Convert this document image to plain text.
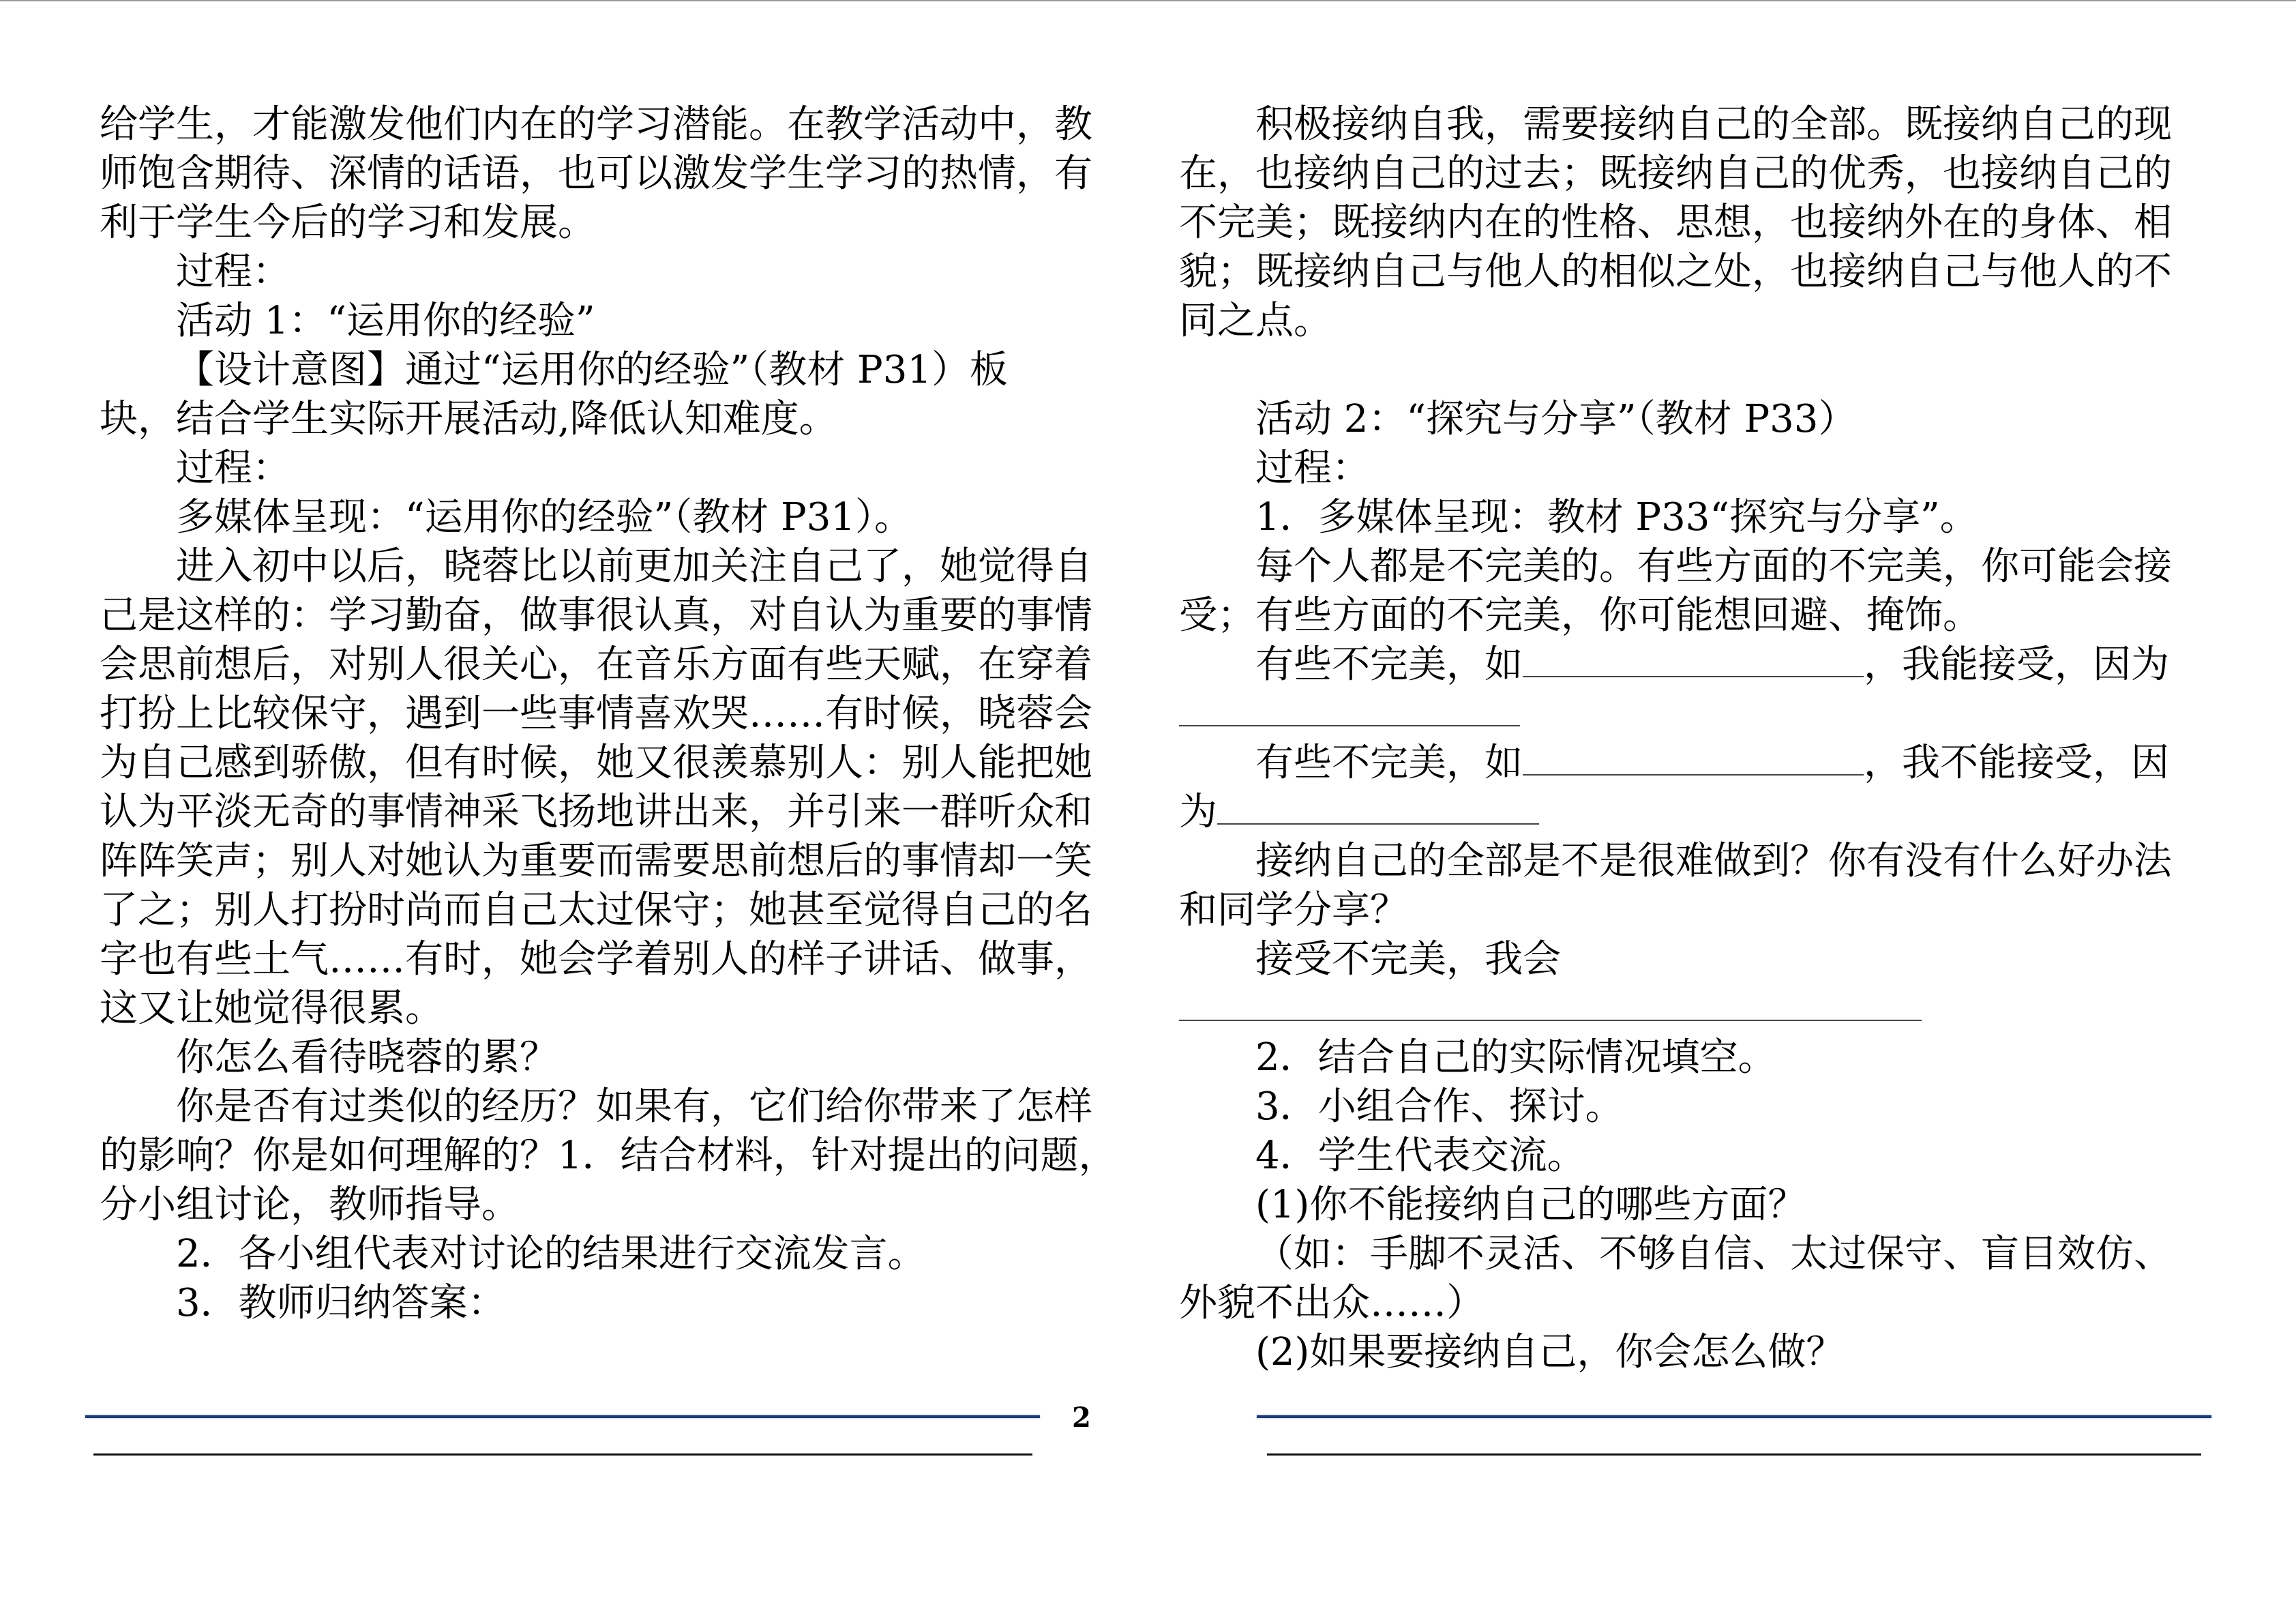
给学生，才能激发他们内在的学习潜能。在教学活动中，教
师饱含期待、深情的话语，也可以激发学生学习的热情，有
利于学生今后的学习和发展。
过程：
活动 1：“运用你的经验”
【设计意图】通过“运用你的经验”（教材 P31）板
块，结合学生实际开展活动,降低认知难度。
过程：
多媒体呈现：“运用你的经验”（教材 P31）。
进入初中以后，晓蓉比以前更加关注自己了，她觉得自
己是这样的：学习勤奋，做事很认真，对自认为重要的事情
会思前想后，对别人很关心，在音乐方面有些天赋，在穿着
打扮上比较保守，遇到一些事情喜欢哭……有时候，晓蓉会
为自己感到骄傲，但有时候，她又很羡慕别人：别人能把她
认为平淡无奇的事情神采飞扬地讲出来，并引来一群听众和
阵阵笑声；别人对她认为重要而需要思前想后的事情却一笑
了之；别人打扮时尚而自己太过保守；她甚至觉得自己的名
字也有些土气……有时，她会学着别人的样子讲话、做事，
这又让她觉得很累。
你怎么看待晓蓉的累？
你是否有过类似的经历？如果有，它们给你带来了怎样
的影响？你是如何理解的？1．结合材料，针对提出的问题，
分小组讨论，教师指导。
2．各小组代表对讨论的结果进行交流发言。
3．教师归纳答案：
积极接纳自我，需要接纳自己的全部。既接纳自己的现
在，也接纳自己的过去；既接纳自己的优秀，也接纳自己的
不完美；既接纳内在的性格、思想，也接纳外在的身体、相
貌；既接纳自己与他人的相似之处，也接纳自己与他人的不
同之点。
活动 2：“探究与分享”（教材 P33）
过程：
1．多媒体呈现：教材 P33“探究与分享”。
每个人都是不完美的。有些方面的不完美，你可能会接
受；有些方面的不完美，你可能想回避、掩饰。
有些不完美，如	，我能接受，因为
有些不完美，如	，我不能接受，因
为
接纳自己的全部是不是很难做到？你有没有什么好办法
和同学分享？
接受不完美，我会
2．结合自己的实际情况填空。
3．小组合作、探讨。
4．学生代表交流。
(1)你不能接纳自己的哪些方面？
（如：手脚不灵活、不够自信、太过保守、盲目效仿、
外貌不出众……）
(2)如果要接纳自己，你会怎么做？
2
